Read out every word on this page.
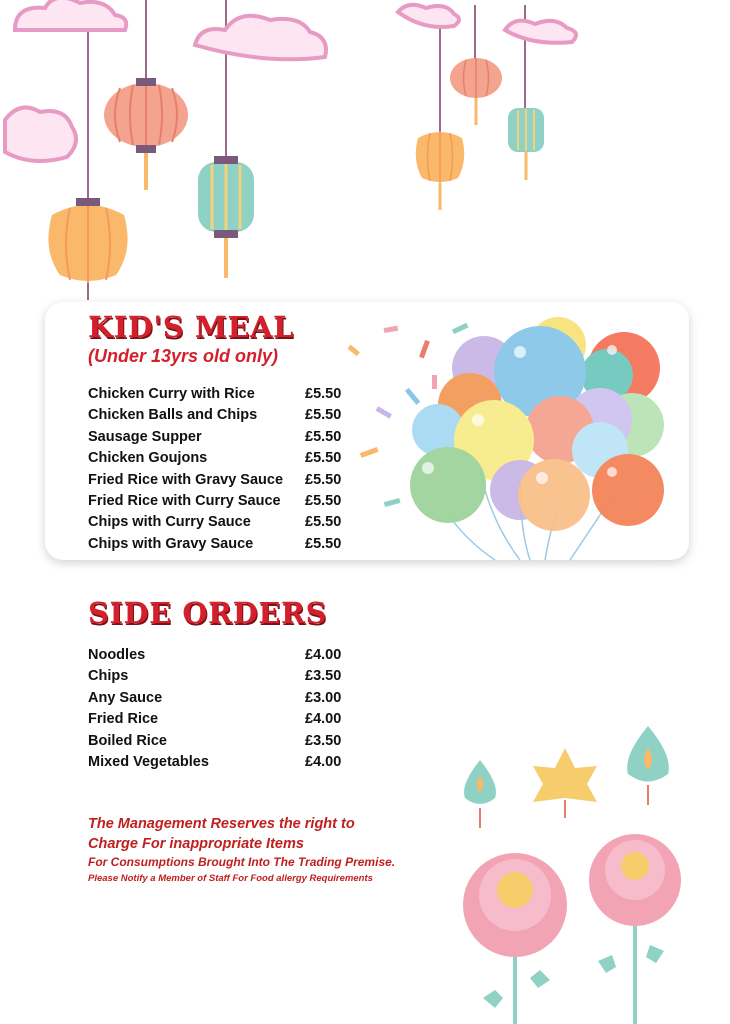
KID'S MEAL
(Under 13yrs old only)
Chicken Curry with Rice	£5.50
Chicken Balls and Chips	£5.50
Sausage Supper	£5.50
Chicken Goujons	£5.50
Fried Rice with Gravy Sauce £5.50
Fried Rice with Curry Sauce £5.50
Chips with Curry Sauce	£5.50
Chips with Gravy Sauce	£5.50
SIDE ORDERS
Noodles	£4.00
Chips	£3.50
Any Sauce	£3.00
Fried Rice	£4.00
Boiled Rice	£3.50
Mixed Vegetables	£4.00
The Management Reserves the right to
Charge For inappropriate Items
For Consumptions Brought Into The Trading Premise.
Please Notify a Member of Staff For Food allergy Requirements
